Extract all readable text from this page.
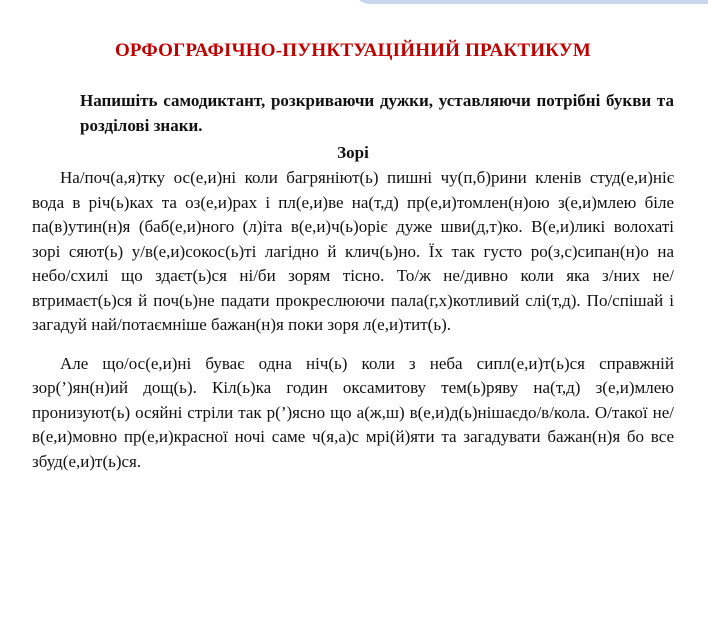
ОРФОГРАФІЧНО-ПУНКТУАЦІЙНИЙ ПРАКТИКУМ

Напишіть самодиктант, розкриваючи дужки, уставляючи потрібні букви та розділові знаки.

Зорі

На/поч(а,я)тку ос(е,и)ні коли багряніют(ь) пишні чу(п,б)рини кленів студ(е,и)ніє вода в річ(ь)ках та оз(е,и)рах і пл(е,и)ве на(т,д) пр(е,и)томлен(н)ою з(е,и)млею біле па(в)утин(н)я (баб(е,и)ного (л)іта в(е,и)ч(ь)оріє дуже шви(д,т)ко. В(е,и)ликі волохаті зорі сяют(ь) у/в(е,и)сокос(ь)ті лагідно й клич(ь)но. Їх так густо ро(з,с)сипан(н)о на небо/схилі що здаєт(ь)ся ні/би зорям тісно. То/ж не/дивно коли яка з/них не/втримаєт(ь)ся й поч(ь)не падати прокреслюючи пала(г,х)котливий слі(т,д). По/спішай і загадуй най/потаємніше бажан(н)я поки зоря л(е,и)тит(ь).

Але що/ос(е,и)ні буває одна ніч(ь) коли з неба сипл(е,и)т(ь)ся справжній зор(’)ян(н)ий дощ(ь). Кіл(ь)ка годин оксамитову тем(ь)ряву на(т,д) з(е,и)млею пронизуют(ь) осяйні стріли так р(’)ясно що а(ж,ш) в(е,и)д(ь)нішаєдо/в/кола. О/такої не/в(е,и)мовно пр(е,и)красної ночі саме ч(я,а)с мрі(й)яти та загадувати бажан(н)я бо все збуд(е,и)т(ь)ся.
